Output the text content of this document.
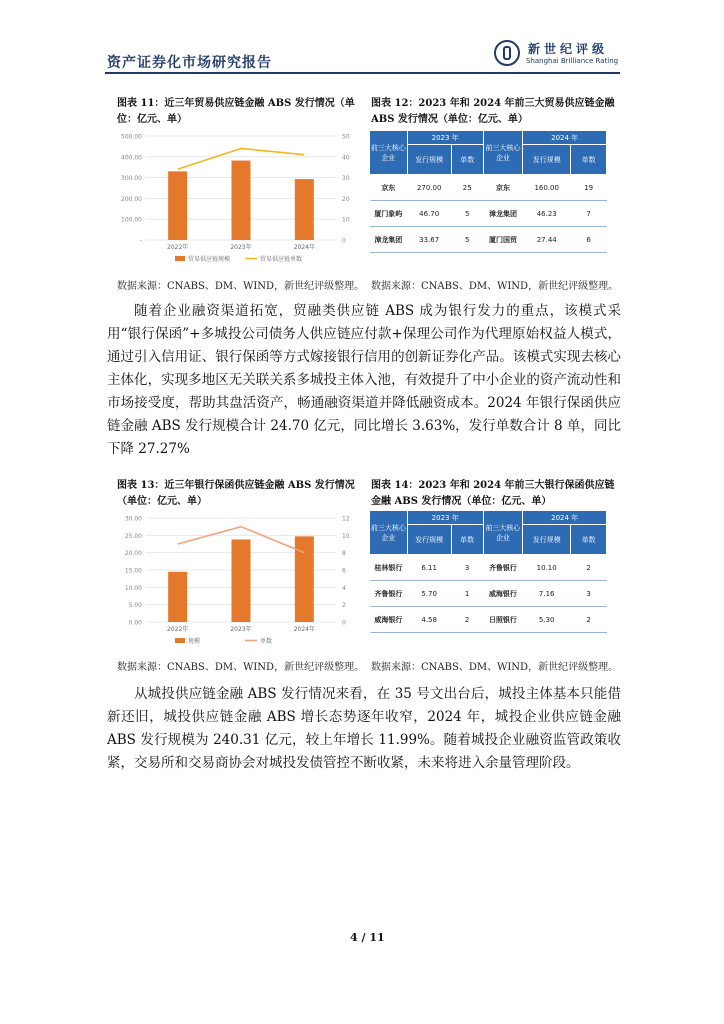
资产证券化市场研究报告
新世纪评级
Shanghai Brilliance Rating
图表 11：近三年贸易供应链金融 ABS 发行情况（单位：亿元、单）
500.00
400.00
300.00
200.00
100.00
-
50
40
30
20
10
0
2022年	2023年	2024年
贸易供应链规模	贸易供应链单数
数据来源：CNABS、DM、WIND，新世纪评级整理。
图表 12：2023 年和 2024 年前三大贸易供应链金融 ABS 发行情况（单位：亿元、单）
前三大核心企业	2023 年		前三大核心企业	2024 年	
	发行规模	单数		发行规模	单数
京东	270.00	25	京东	160.00	19
厦门象屿	46.70	5	漳龙集团	46.23	7
漳龙集团	33.67	5	厦门国贸	27.44	6
数据来源：CNABS、DM、WIND，新世纪评级整理。
随着企业融资渠道拓宽，贸融类供应链 ABS 成为银行发力的重点，该模式采用“银行保函”+多城投公司债务人供应链应付款+保理公司作为代理原始权益人模式，通过引入信用证、银行保函等方式嫁接银行信用的创新证券化产品。该模式实现去核心主体化，实现多地区无关联关系多城投主体入池，有效提升了中小企业的资产流动性和市场接受度，帮助其盘活资产，畅通融资渠道并降低融资成本。2024 年银行保函供应链金融 ABS 发行规模合计 24.70 亿元，同比增长 3.63%，发行单数合计 8 单，同比下降 27.27%
图表 13：近三年银行保函供应链金融 ABS 发行情况（单位：亿元、单）
30.00
25.00
20.00
15.00
10.00
5.00
0.00
12
10
8
6
4
2
0
2022年	2023年	2024年
规模	单数
数据来源：CNABS、DM、WIND，新世纪评级整理。
图表 14：2023 年和 2024 年前三大银行保函供应链金融 ABS 发行情况（单位：亿元、单）
前三大核心企业	2023 年		前三大核心企业	2024 年	
	发行规模	单数		发行规模	单数
桂林银行	6.11	3	齐鲁银行	10.10	2
齐鲁银行	5.70	1	威海银行	7.16	3
威海银行	4.58	2	日照银行	5.30	2
数据来源：CNABS、DM、WIND，新世纪评级整理。
从城投供应链金融 ABS 发行情况来看，在 35 号文出台后，城投主体基本只能借新还旧，城投供应链金融 ABS 增长态势逐年收窄，2024 年，城投企业供应链金融 ABS 发行规模为 240.31 亿元，较上年增长 11.99%。随着城投企业融资监管政策收紧，交易所和交易商协会对城投发债管控不断收紧，未来将进入余量管理阶段。
4 / 11
